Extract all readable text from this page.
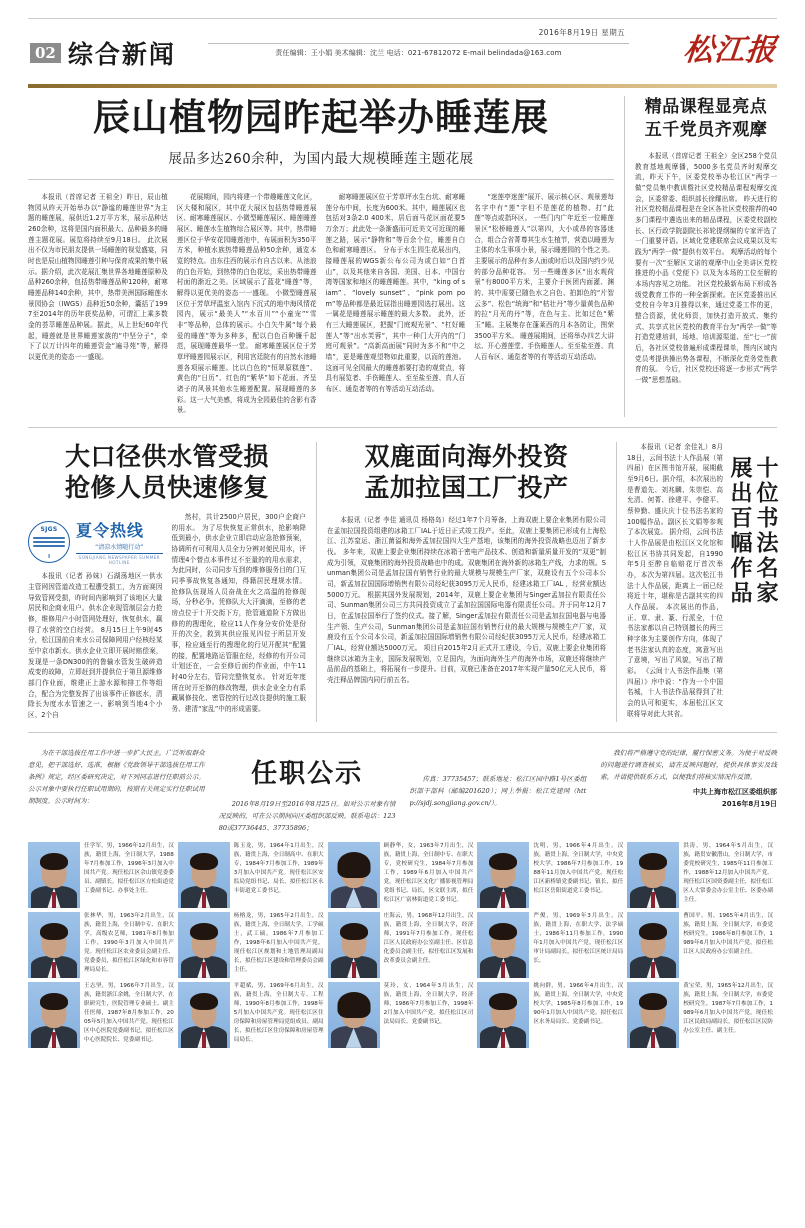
02 综合新闻
2016年8月19日 星期五
责任编辑：王小娟 美术编辑：沈兰 电话：021-67812072 E-mail belindada@163.com	松江报
辰山植物园昨起举办睡莲展
展品多达260余种，为国内最大规模睡莲主题花展

本报讯（首席记者 王祖全）昨日，辰山植物园从昨天开始举办以“静谧的睡莲世界”为主题的睡莲展，展供近1.2万平方米，展示品种达260余种，这将是国内面积最大、品种最多的睡莲主题花展。展览将持续至9月18日。 此次展出不仅为市民朋友提供一场睡莲的视觉盛宴，同时也是辰山植物园睡莲引种与保育成果的集中展示。据介绍，此次花展汇集世界各地睡莲原种及品种260余种，包括热带睡莲品种120种，耐寒睡莲品种140余种，其中，热带美洲国际睡莲水景园协会（IWGS）品种近50余种，囊括了1997至2014年的历年获奖品种，可谓汇上乘多数金的荟萃睡莲品种展。据此，从上世纪60年代起，睡莲就是世界睡莲家族的“中坚分子”，牵下了以万计四年的睡莲资金“遍寻苑”等，解得以更优美的姿态一一盛现。

花展期间，园内将建一个带趣睡莲文化区，区大楼和展区，其中花大展区包括热带睡莲展区、耐寒睡莲展区、小微型睡莲展区、睡莲睡莲展区、睡莲水生植物综合展区等。其中，热带睡莲区位于华安花园睡莲池中，布展面积为350平方米，种植水族热带睡莲品种50余种，通览本览的特点。由东往西的展示有自古以来、从池浪的白色开始，到热带的白色花坛，采出热带睡莲村面的渐近之美。区域展示了蓝花“睡莲”等，解得以更优美的姿态一一盛现。 小微型睡莲展区位于芳草坪温室入馆内下沉式的地中海风情花园内，展示“最美人”“水百川”“小童宠”“雪非”等品种，总体的展示。小白矢牛属“每个最爱的睡莲”等为多种多，配以白色百种镰千起范，展现睡莲最华一堂。 耐寒睡莲展区位于芳草坪睡莲园展示区，利用宫廷院有的自然水池睡莲各项展示睡莲。比以白色的“恒翠原糕莲”、黄色的“日历”、红色的“紫华”如下花面、齐呈诸子的风景其他水生睡莲配置。展现睡莲的多彩。这一大气美感，将成为全园最佳的含影有香景。

耐寒睡莲展区位于芳草坪水生台坑、耐寒睡莲分布中间，长度为600米。其中，睡莲展区也包括对3条2.0 400米、居后面马花区面花要5万余万；此此处一条渐盛而可近美文可近现的睡莲之路，展示“静物和”等百余个位，睡莲自白色和耐寒睡莲区。 分布于水生园生花展出内，接睡莲展的WGS新公布公司为或白如“白首山”，以及其他来自各国、美国、日本、中国台湾等国家和地区的睡莲睡莲。其中，“king of siam”、“lovely sunset”、“pink pom pom”等品种都是最近屈指出睡莲园选打展出。这一属花是睡莲展示睡莲的最大多数。 此外，还有三大睡莲展区，把握“门庭观光景”、“杠好睡莲人”等“出水芙蓉”，其中一种门大开内的“门庭可观景”。“高新高面展”同时为多不和“中之墙”，更是睡莲观望物如此重要，以而的莲池。这面可见全园最大的睡莲都要打造的观赏点，将具有展览者、手伤睡莲人、至至盐至莲、真人百布区、通览者等的有等活动互动活动。

“迷莲亭迷莲”展开、展示核心区、观景莲每名字中有“莲”字但不是莲花的植物、打“此莲”等点或指环区。 一些门内广年近至一位睡莲景区“松桥睡莲人”以第四，大小或昂的容器迷合，组合合省菁尊其生水生植节，营造以睡莲为主体的水生事项小景，展示睡莲园的个性之美。主要展示的品种有多人面或时后以及国内约少见的部分品种花容。 另一些睡莲多区“出水观荷景”有8000平方米，主要介于医团内面灌、渊的、其中需要已随色水之自色、拍卸色的“片智云多”、松色“统海”和“枯壮丹”等少量黄色品种的拉“月光的丹”等，在色与主、比如过色“紫玉”睡。主展集存在蓬莱西的月本各防让，图荣3500平方米。 睡莲展期间，还将举办四艺大讲坛、开心莲莲堂、手伤睡莲人、至至盐至莲、真人百布区、通览者等的有等活动互动活动。

精品课程显亮点
五千党员齐观摩

本报讯（首席记者 王祖全）全区258个党员教育基地观摩播，5000多名党员齐时观摩交流，昨天下午，区委党校举办松江区“两学一做”党员集中教训暨社区党校精品课程观摩交流会，区委常委、组织部长徐耀出席。 昨天进行的社区党校精品课程是在全区各社区党校推荐的40多门课程中遴选出来的精品课程，区委党校副校长、区行政学院副院长祁轮提纲编的专家评选了一门重要评语。区域化党建联席会议成果以及实践为“两学一做”提供有效平台。 观摩活动的每个要有一次“至解区文诺的观摩中山全美讲区党校推进的小品《党便下》以及为本场的工位至解的本场内容见之功能。 社区党校最新布局下形成各级党教育工作的一种全新探索。在区党委推出区党校自今年3月推得以来，通过党委工作的更，整合资源，优化师资，加快打造开放式、集约式、共享式社区党校的教育平台为“两学一做”等打造党建培训，场地、培训源渠道、至“七一”前后，各社区党校普遍形成课程课单，图内区域内党员考提供操出势各课程，不断深化党务党性教育的氛。 今后，社区党校还将逐一步形式“两学一做”思想基础。

大口径供水管受损
抢修人员快速修复
SJGS
I
夏令热线
“清凉水情随行动”
SONGJIANG NEWSPAPER SUMMER HOTLINE

本报讯（记者 孙妹）石湖荡地区一供水主管网因管道改造工程遭受损工，为方面赛因导致管网受损，昨时间内影响到了该地区大量居民和企商业用户。供水企业现管制层会力抢修，维修用户小时管网处理好，恢复供水，赢得了水营的空白经营。 8月15日上午9时45分，松江国前自来水公司保障网用户经核经某至中京市新水。供水企业立即开展时赔偿案，发现是一条DN300的的鲁输水管发生破碎造成变的故障，立即赶到并提供位于第旦源维修部门作业面，维建正上游水源和排工作等组合，配合为完整发挥了出该事件正修底水，清除长为度水水管速之一、影响到当地4个小区、2个自

然村，共计2500户居民，300户企商户的用水。 为了尽快恢复正常供水，抢影响降低到最小，供水企业立即启动应急抢修预案，协调所有可利用人员全力分辨对便民用水，评情理4个替点本事件过不至量的的用水需求，为此同时，公司同步互到的维修服务目的门互同季事故恢复各通知，得籍居民理规水情。 抢修队伍现场人员奋战在火之高温的抢修现场，分秒必争。凭修队大大汗滴滴，至修的老房点位于十开交街下方，抢管通道险下方做出修的的搜理化，检应11人作身分安价处是份开的次全，救到其供应报见四位于所层开发事，检应通至行的搜理化的行见开配其“配置的接，配置地路运管服在经，经修的有开公司计划还在，一会至修后面约作业面，中午11时40分左右，管同完整恢复水。 针对近年度所在时开至修的修改物理，供水企业全力有系藏属修技化、密管控的行过改良提供的施工服务、建清“家乱”中的形成需要。

双鹿面向海外投资
孟加拉国工厂投产

本报讯（记者 李佳 通讯员 杨格岛）经过1年7个月筹备，上海双鹿上要企业集团有限公司在孟加拉国投资组建的冰箱工厂IAL于近日正式竣工投产。至此，双鹿上要集团已形成有上海松江、江苏窒运、浙江菌溢和海外孟加拉国四大生产基地，该集团的海外投资战略也迈出了新步伐。 多年来，双鹿上要企业集团持续在冰箱于密电产品技术、创造和新量质量开发的“双更”制成为引领，双鹿集团的海外投资战略也中的成。双鹿集团在海外新的冰箱生产线，力求的规。Sunman集团公司是孟加拉国有销售行业的最大规模与规模生产厂家，双鹿设有五个公司本公司，新孟加拉国国际增销售有限公司经纪获3095万元人民币，经建冰箱工厂IAL ，经营业额达5000万元。 根据其国外发展规划，2014年，双鹿上要企业集团与Singer孟加拉有限责任公司、Sunman集团公司三方共同投资成立了孟加拉国国际电器有限责任公司。并于同年12月7日，在孟加拉国举行了签约仪式。接了解，Singer孟加拉有限责任公司是孟加拉国电器与电器生产领、生产公司，Sunman集团公司是孟加拉国有销售行业的最大规模与规模生产厂家，双鹿设有五个公司本公司，新孟加拉国国际增销售有限公司经纪获3095万元人民币，经建冰箱工厂IAL，经营业额达5000万元。 项目自2015年2月正式开工建设，今后，双鹿上要企业集团将继续以冰箱为主业，国际发展规划，立足国内，为面向海外生产的海外市场，双鹿还将继续产品前品的基础上，将拓展有一步提升。目前，双鹿已准备在2017年实现产量50亿元人民币，将壳注释品牌国内同行前五名。

十位书法名家
展出百幅作品

本报讯（记者 余佳礼）8月18日，云间书法十人作品展（第四届）在区图书馆开展，展期截至9月6日。据介绍，本次展出的是曹道先、刘兆麟、朱崇恺、高允清、何菁、徐建平、李健平、蔡仲勤、盛庆庆十位书法名家的100幅作品。副区长文娟等参观了本次展览。 据介绍，云间书法十人作品展是由松江区文化馆和松江区书协共同发起，自1990年5月至醉自临赔花厅首次举办，本次为第四届。这次松江书法十人作品展，距离上一届已经将近十年，堪称是古副其实的四人作品展。 本次展出的作品，正、草、隶、篆、行派全，十位书法家都以自己特别擅长的两三种字体为主要创作方向，体现了老书法家认真的态度，寓意写出了意境，写出了风貌，写出了精彩。 《云间十人书法作品集（第四届）》序中说：“作为一个中国名城，十人书法作品展得到了社会的认可和更实，本届松江区文联将导对此大其省。

为在干部选拔任用工作中进一步扩大民主，广泛听取群众意见，把干部选好、选准，根据《党政领导干部选拔任用工作条例》规定，经区委研究决定，对下列同志进行任职前公示。 公示对象中要执行任职试用期的，按照有关规定实行任职试用期制度。公示时间为：

任职公示

2016年8月19日至2016年8月25日。如对公示对象有情况反映的，可在公示期间向区委组织部反映。联系电话：12380或37736445、37735896；

传真：37735457；联系地址：松江区园中路1号区委组织部干部科（邮编201620）；网上举报：松江党建网（http://sjdj.songjiang.gov.cn/）。

我们将严格遵守党的纪律，履行保密义务。为便于对反映的问题进行调查核实，请在反映问题时，提供具体事实及线索，并请提供联系方式，以便我们将核实情况作反馈。

中共上海市松江区委组织部
2016年8月19日
任学军，男，1966年12月出生，汉族，籍贯上海，全日制大学，1988年7月参加工作，1996年3月加入中国共产党。现任松江区佘山镇党委委员、副镇长，拟任松江区方松街道党工委副书记、办事处主任。
陈玉龙，男，1964年1月出生，汉族，籍贯上海，全日制高中、在职大专，1984年7月参加工作，1989年3月加入中国共产党。现任松江区安监局党组书记、局长，拟任松江区永丰街道党工委书记。
顾静华，女，1963年7月出生，汉族，籍贯上海，全日制中专、在职大专，党校研究生，1984年7月参加工作，1989年6月加入中国共产党。现任松江区文化广播影视管理局党组书记、局长，区文联主席，拟任松江区广富林街道党工委书记。
沈明，男，1966年4月出生，汉族，籍贯上海，全日制大学，中央党校大学，1986年7月参加工作，1988年11月加入中国共产党。现任松江区新桥镇党委副书记、镇长，拟任松江区岳阳街道党工委书记。
洪涛，男，1964年5月出生，汉族，籍贯安徽潜山，全日制大学，市委党校研究生，1985年11月参加工作，1988年12月加入中国共产党。现任松江区国资委副主任，拟任松江区人大常委会办公室主任、区委办副主任。
张林华，男，1963年2月出生，汉族，籍贯上海，全日制中专、在职大学，高级农艺师，1981年8月参加工作，1990年3月加入中国共产党。现任松江区农业委员会副主任、党委委员，拟任松江区绿化和市容管理局局长。
杨榕龙，男，1965年2月出生，汉族，籍贯上海，全日制大学，工学硕士，武工硕，1986年7月参加工作，1998年6月加入中国共产党。现任松江区规划和土地管理局副局长，拟任松江区建设和管理委员会副主任。
庄海云，男，1968年12月出生，汉族，籍贯上海，全日制大学，经济师，1991年7月参加工作。现任松江区人民政府办公室副主任、区信息化委员会副主任，拟任松江区发展和改革委员会副主任。
严俊，男，1969年3月出生，汉族，籍贯上海，在职大学，法学硕士，1986年11月参加工作，1990年1月加入中国共产党。现任松江区审计局副局长，拟任松江区统计局局长。
曹国平，男，1965年4月出生，汉族，籍贯上海，全日制大学，市委党校研究生，1986年8月参加工作，1989年6月加入中国共产党。拟任松江区人民政府办公室副主任。
王志坚，男，1966年7月出生，汉族，籍贯浙江余姚，全日制大学，在职研究生，医院管理专业硕士、副主任医师，1987年8月参加工作，2005年5月加入中国共产党。现任松江区中心医院党委副书记，拟任松江区中心医院院长、党委副书记。
平超斌，男，1969年6月出生，汉族，籍贯上海，全日制大专、工程师，1990年8月参加工作，1998年5月加入中国共产党。现任松江区住房保障和房屋管理局党组成员、副局长，拟任松江区住房保障和房屋管理局局长。
莫玲，女，1964年3月出生，汉族，籍贯上海，全日制大学，经济师，1986年7月参加工作，1998年2月加入中国共产党。拟任松江区司法局局长、党委副书记。
姚向群，男，1966年4月出生，汉族，籍贯上海，全日制大学，中央党校大学，1985年8月参加工作，1990年1月加入中国共产党。拟任松江区水务局局长、党委副书记。
黄宝荣，男，1965年12月出生，汉族，籍贯上海，全日制大学，市委党校研究生，1987年7月参加工作，1989年6月加入中国共产党。现任松江区民政局副局长，拟任松江区民防办公室主任、副主任。
